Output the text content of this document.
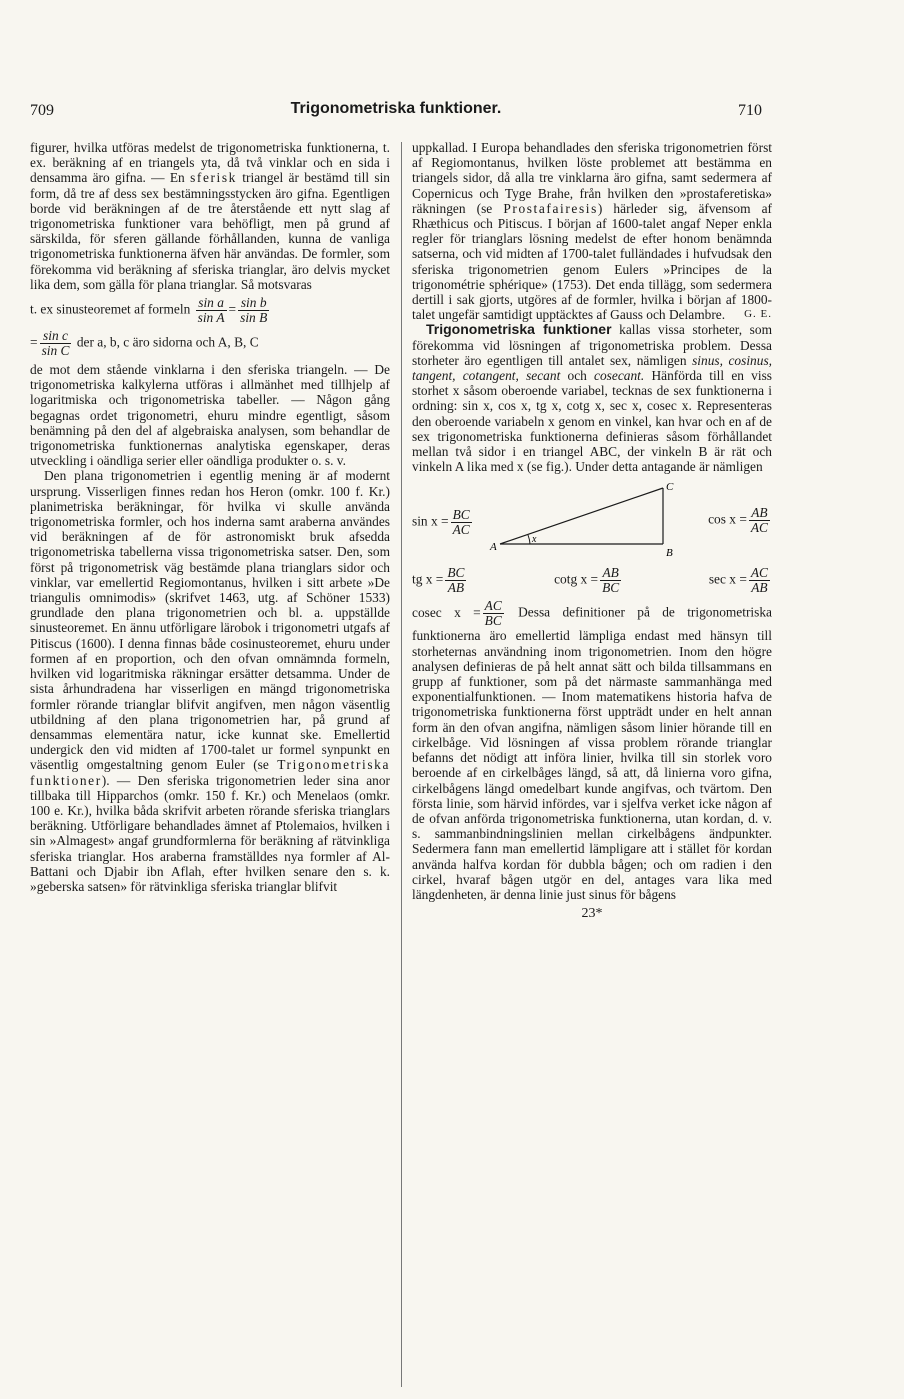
709	Trigonometriska funktioner.	710

figurer, hvilka utföras medelst de trigonometriska funktionerna, t. ex. beräkning af en triangels yta, då två vinklar och en sida i densamma äro gifna. — En sferisk triangel är bestämd till sin form, då tre af dess sex bestämningsstycken äro gifna. Egentligen borde vid beräkningen af de tre återstående ett nytt slag af trigonometriska funktioner vara behöfligt, men på grund af särskilda, för sferen gällande förhållanden, kunna de vanliga trigonometriska funktionerna äfven här användas. De formler, som förekomma vid beräkning af sferiska trianglar, äro delvis mycket lika dem, som gälla för plana trianglar. Så motsvaras

t. ex sinusteoremet af formeln $\frac{\text{sin a}}{\text{sin A}} = \frac{\text{sin b}}{\text{sin B}}$
= $\frac{\text{sin c}}{\text{sin C}}$ der a, b, c äro sidorna och A, B, C

de mot dem stående vinklarna i den sferiska triangeln. — De trigonometriska kalkylerna utföras i allmänhet med tillhjelp af logaritmiska och trigonometriska tabeller. — Någon gång begagnas ordet trigonometri, ehuru mindre egentligt, såsom benämning på den del af algebraiska analysen, som behandlar de trigonometriska funktionernas analytiska egenskaper, deras utveckling i oändliga serier eller oändliga produkter o. s. v.

Den plana trigonometrien i egentlig mening är af modernt ursprung. Visserligen finnes redan hos Heron (omkr. 100 f. Kr.) planimetriska beräkningar, för hvilka vi skulle använda trigonometriska formler, och hos inderna samt araberna användes vid beräkningen af de för astronomiskt bruk afsedda trigonometriska tabellerna vissa trigonometriska satser. Den, som först på trigonometrisk väg bestämde plana trianglars sidor och vinklar, var emellertid Regiomontanus, hvilken i sitt arbete »De triangulis omnimodis» (skrifvet 1463, utg. af Schöner 1533) grundlade den plana trigonometrien och bl. a. uppställde sinusteoremet. En ännu utförligare lärobok i trigonometri utgafs af Pitiscus (1600). I denna finnas både cosinusteoremet, ehuru under formen af en proportion, och den ofvan omnämnda formeln, hvilken vid logaritmiska räkningar ersätter detsamma. Under de sista århundradena har visserligen en mängd trigonometriska formler rörande trianglar blifvit angifven, men någon väsentlig utbildning af den plana trigonometrien har, på grund af densammas elementära natur, icke kunnat ske. Emellertid undergick den vid midten af 1700-talet ur formel synpunkt en väsentlig omgestaltning genom Euler (se Trigonometriska funktioner). — Den sferiska trigonometrien leder sina anor tillbaka till Hipparchos (omkr. 150 f. Kr.) och Menelaos (omkr. 100 e. Kr.), hvilka båda skrifvit arbeten rörande sferiska trianglars beräkning. Utförligare behandlades ämnet af Ptolemaios, hvilken i sin »Almagest» angaf grundformlerna för beräkning af rätvinkliga sferiska trianglar. Hos araberna framställdes nya formler af Al-Battani och Djabir ibn Aflah, efter hvilken senare den s. k. »geberska satsen» för rätvinkliga sferiska trianglar blifvit

uppkallad. I Europa behandlades den sferiska trigonometrien först af Regiomontanus, hvilken löste problemet att bestämma en triangels sidor, då alla tre vinklarna äro gifna, samt sedermera af Copernicus och Tyge Brahe, från hvilken den »prostaferetiska» räkningen (se Prostafairesis) härleder sig, äfvensom af Rhæthicus och Pitiscus. I början af 1600-talet angaf Neper enkla regler för trianglars lösning medelst de efter honom benämnda satserna, och vid midten af 1700-talet fulländades i hufvudsak den sferiska trigonometrien genom Eulers »Principes de la trigonométrie sphérique» (1753). Det enda tillägg, som sedermera dertill i sak gjorts, utgöres af de formler, hvilka i början af 1800-talet ungefär samtidigt upptäcktes af Gauss och Delambre. G. E.

Trigonometriska funktioner kallas vissa storheter, som förekomma vid lösningen af trigonometriska problem. Dessa storheter äro egentligen till antalet sex, nämligen sinus, cosinus, tangent, cotangent, secant och cosecant. Hänförda till en viss storhet x såsom oberoende variabel, tecknas de sex funktionerna i ordning: sin x, cos x, tg x, cotg x, sec x, cosec x. Representeras den oberoende variabeln x genom en vinkel, kan hvar och en af de sex trigonometriska funktionerna definieras såsom förhållandet mellan två sidor i en triangel ABC, der vinkeln B är rät och vinkeln A lika med x (se fig.). Under detta antagande är nämligen

$\sin x = \frac{BC}{AC}$
A	B
C
x
$\cos x = \frac{AB}{AC}$
tg $x = \frac{BC}{AB}$	cotg $x = \frac{AB}{BC}$	$\sec x = \frac{AC}{AB}$

cosec $x = \frac{AC}{BC}$ Dessa definitioner på de trigonometriska funktionerna äro emellertid lämpliga endast med hänsyn till storheternas användning inom trigonometrien. Inom den högre analysen definieras de på helt annat sätt och bilda tillsammans en grupp af funktioner, som på det närmaste sammanhänga med exponentialfunktionen. — Inom matematikens historia hafva de trigonometriska funktionerna först uppträdt under en helt annan form än den ofvan angifna, nämligen såsom linier hörande till en cirkelbåge. Vid lösningen af vissa problem rörande trianglar befanns det nödigt att införa linier, hvilka till sin storlek voro beroende af en cirkelbåges längd, så att, då linierna voro gifna, cirkelbågens längd omedelbart kunde angifvas, och tvärtom. Den första linie, som härvid infördes, var i sjelfva verket icke någon af de ofvan anförda trigonometriska funktionerna, utan kordan, d. v. s. sammanbindningslinien mellan cirkelbågens ändpunkter. Sedermera fann man emellertid lämpligare att i stället för kordan använda halfva kordan för dubbla bågen; och om radien i den cirkel, hvaraf bågen utgör en del, antages vara lika med längdenheten, är denna linie just sinus för bågens

23*
